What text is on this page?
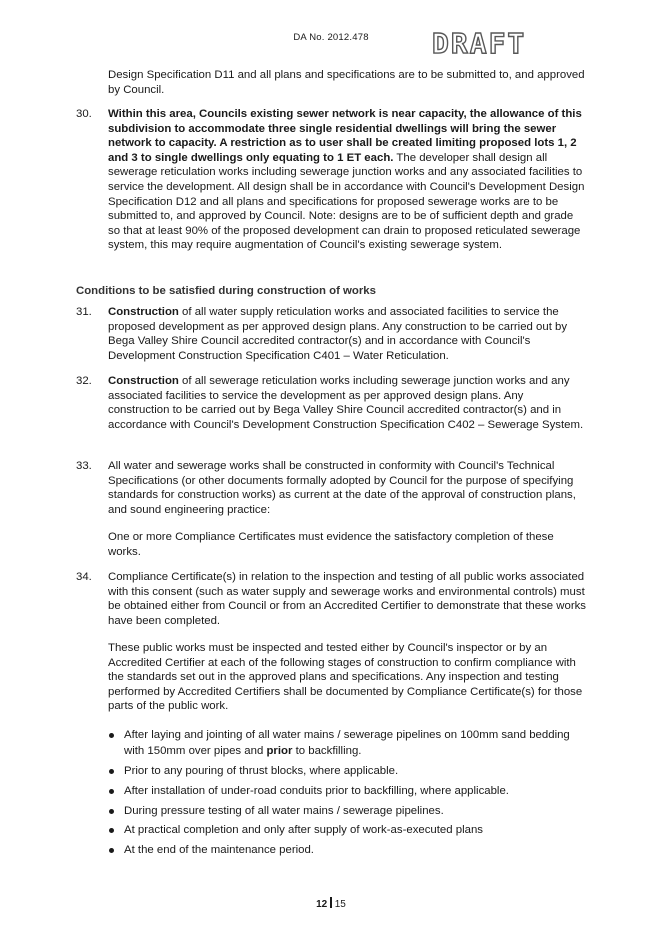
DA No. 2012.478	DRAFT
Design Specification D11 and all plans and specifications are to be submitted to, and approved by Council.
30.	Within this area, Councils existing sewer network is near capacity, the allowance of this subdivision to accommodate three single residential dwellings will bring the sewer network to capacity. A restriction as to user shall be created limiting proposed lots 1, 2 and 3 to single dwellings only equating to 1 ET each. The developer shall design all sewerage reticulation works including sewerage junction works and any associated facilities to service the development. All design shall be in accordance with Council's Development Design Specification D12 and all plans and specifications for proposed sewerage works are to be submitted to, and approved by Council. Note: designs are to be of sufficient depth and grade so that at least 90% of the proposed development can drain to proposed reticulated sewerage system, this may require augmentation of Council's existing sewerage system.
Conditions to be satisfied during construction of works
31.	Construction of all water supply reticulation works and associated facilities to service the proposed development as per approved design plans. Any construction to be carried out by Bega Valley Shire Council accredited contractor(s) and in accordance with Council's Development Construction Specification C401 – Water Reticulation.
32.	Construction of all sewerage reticulation works including sewerage junction works and any associated facilities to service the development as per approved design plans. Any construction to be carried out by Bega Valley Shire Council accredited contractor(s) and in accordance with Council's Development Construction Specification C402 – Sewerage System.
33.	All water and sewerage works shall be constructed in conformity with Council's Technical Specifications (or other documents formally adopted by Council for the purpose of specifying standards for construction works) as current at the date of the approval of construction plans, and sound engineering practice:
One or more Compliance Certificates must evidence the satisfactory completion of these works.
34.	Compliance Certificate(s) in relation to the inspection and testing of all public works associated with this consent (such as water supply and sewerage works and environmental controls) must be obtained either from Council or from an Accredited Certifier to demonstrate that these works have been completed.
These public works must be inspected and tested either by Council's inspector or by an Accredited Certifier at each of the following stages of construction to confirm compliance with the standards set out in the approved plans and specifications. Any inspection and testing performed by Accredited Certifiers shall be documented by Compliance Certificate(s) for those parts of the public work.
After laying and jointing of all water mains / sewerage pipelines on 100mm sand bedding with 150mm over pipes and prior to backfilling.
Prior to any pouring of thrust blocks, where applicable.
After installation of under-road conduits prior to backfilling, where applicable.
During pressure testing of all water mains / sewerage pipelines.
At practical completion and only after supply of work-as-executed plans
At the end of the maintenance period.
12 15
